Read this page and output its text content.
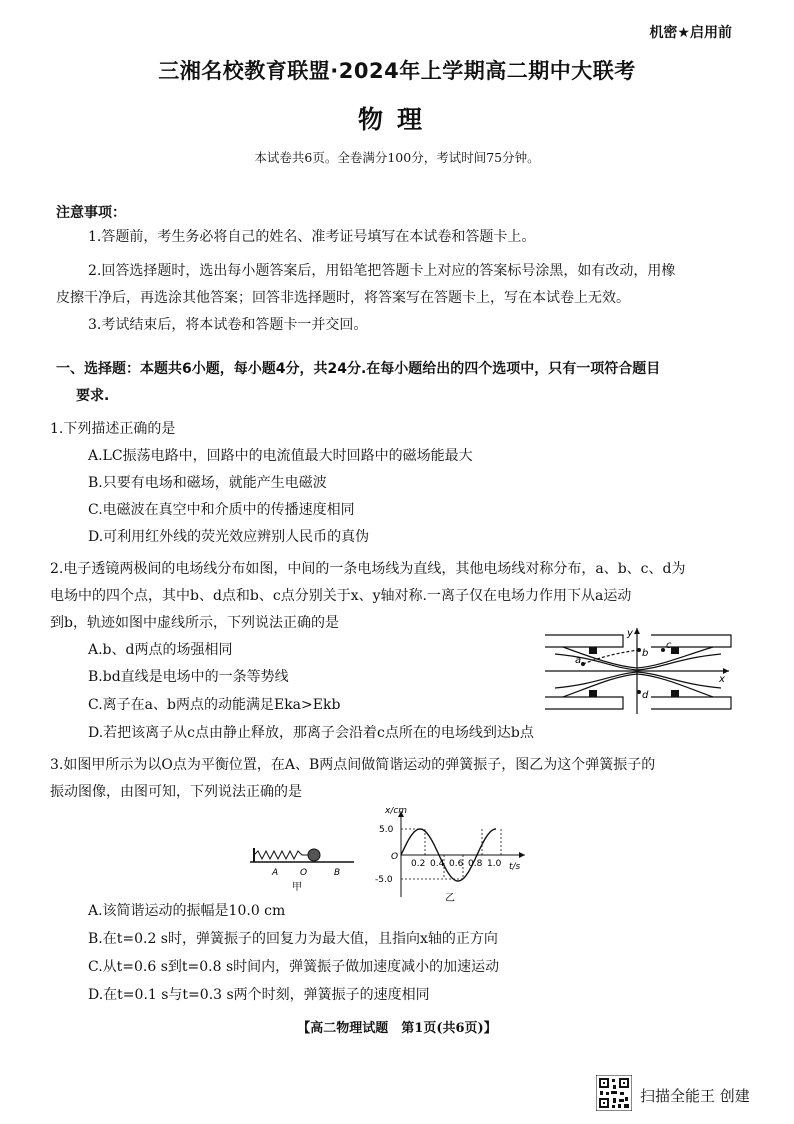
机密★启用前
三湘名校教育联盟·2024年上学期高二期中大联考
物理
本试卷共6页。全卷满分100分，考试时间75分钟。
注意事项：
1.答题前，考生务必将自己的姓名、准考证号填写在本试卷和答题卡上。
2.回答选择题时，选出每小题答案后，用铅笔把答题卡上对应的答案标号涂黑，如有改动，用橡
皮擦干净后，再选涂其他答案；回答非选择题时，将答案写在答题卡上，写在本试卷上无效。
3.考试结束后，将本试卷和答题卡一并交回。
一、选择题：本题共6小题，每小题4分，共24分.在每小题给出的四个选项中，只有一项符合题目
要求.
1.下列描述正确的是
A.LC振荡电路中，回路中的电流值最大时回路中的磁场能最大
B.只要有电场和磁场，就能产生电磁波
C.电磁波在真空中和介质中的传播速度相同
D.可利用红外线的荧光效应辨别人民币的真伪
2.电子透镜两极间的电场线分布如图，中间的一条电场线为直线，其他电场线对称分布，a、b、c、d为
电场中的四个点，其中b、d点和b、c点分别关于x、y轴对称.一离子仅在电场力作用下从a运动
到b，轨迹如图中虚线所示，下列说法正确的是
A.b、d两点的场强相同
B.bd直线是电场中的一条等势线
C.离子在a、b两点的动能满足Eka>Ekb
D.若把该离子从c点由静止释放，那离子会沿着c点所在的电场线到达b点
a
b
c
d
x
y
3.如图甲所示为以O点为平衡位置，在A、B两点间做简谐运动的弹簧振子，图乙为这个弹簧振子的
振动图像，由图可知，下列说法正确的是
A O	B
甲
x/cm
t/s
O
5.0
-5.0
0.2 0.4 0.6 0.8 1.0
乙
A.该简谐运动的振幅是10.0 cm
B.在t=0.2 s时，弹簧振子的回复力为最大值，且指向x轴的正方向
C.从t=0.6 s到t=0.8 s时间内，弹簧振子做加速度减小的加速运动
D.在t=0.1 s与t=0.3 s两个时刻，弹簧振子的速度相同
【高二物理试题　第1页(共6页)】
扫描全能王 创建
